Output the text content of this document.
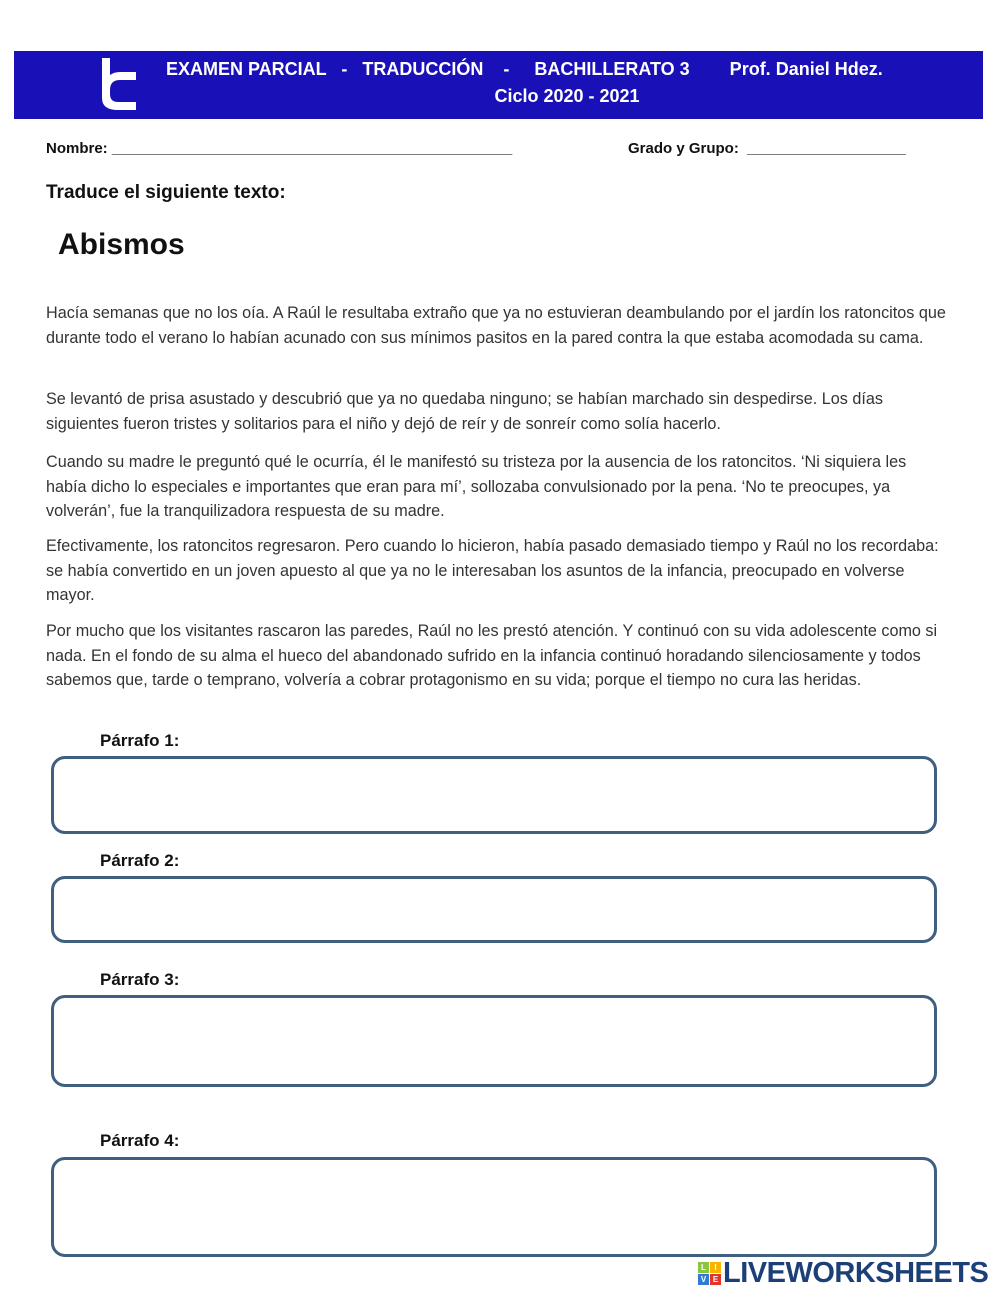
EXAMEN PARCIAL   -   TRADUCCIÓN    -     BACHILLERATO 3        Prof. Daniel Hdez.
Ciclo 2020 - 2021
Nombre: ________________________________________________	Grado y Grupo:  ___________________
Traduce el siguiente texto:
Abismos

Hacía semanas que no los oía. A Raúl le resultaba extraño que ya no estuvieran deambulando por el jardín los ratoncitos que durante todo el verano lo habían acunado con sus mínimos pasitos en la pared contra la que estaba acomodada su cama.

Se levantó de prisa asustado y descubrió que ya no quedaba ninguno; se habían marchado sin despedirse. Los días siguientes fueron tristes y solitarios para el niño y dejó de reír y de sonreír como solía hacerlo.

Cuando su madre le preguntó qué le ocurría, él le manifestó su tristeza por la ausencia de los ratoncitos. ‘Ni siquiera les había dicho lo especiales e importantes que eran para mí’, sollozaba convulsionado por la pena. ‘No te preocupes, ya volverán’, fue la tranquilizadora respuesta de su madre.

Efectivamente, los ratoncitos regresaron. Pero cuando lo hicieron, había pasado demasiado tiempo y Raúl no los recordaba: se había convertido en un joven apuesto al que ya no le interesaban los asuntos de la infancia, preocupado en volverse mayor.

Por mucho que los visitantes rascaron las paredes, Raúl no les prestó atención. Y continuó con su vida adolescente como si nada. En el fondo de su alma el hueco del abandonado sufrido en la infancia continuó horadando silenciosamente y todos sabemos que, tarde o temprano, volvería a cobrar protagonismo en su vida; porque el tiempo no cura las heridas.

Párrafo 1:
Párrafo 2:
Párrafo 3:
Párrafo 4:
L	I
V E LIVEWORKSHEETS
